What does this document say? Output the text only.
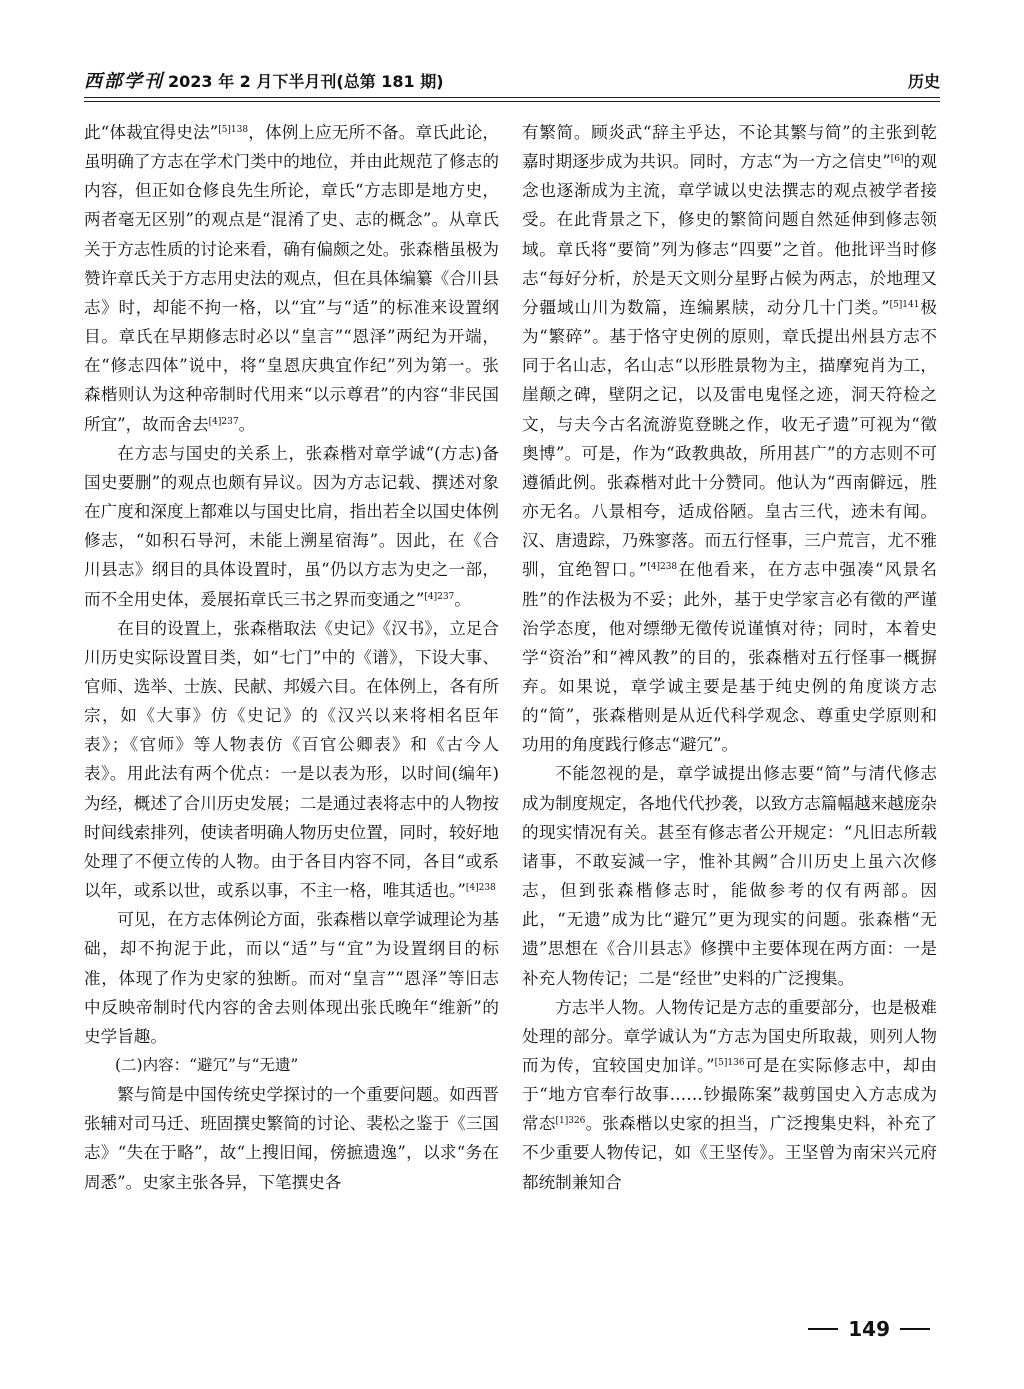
西部学刊 2023 年 2 月下半月刊(总第 181 期)	历史

此“体裁宜得史法”$^{[5]138}$，体例上应无所不备。章氏此论，虽明确了方志在学术门类中的地位，并由此规范了修志的内容，但正如仓修良先生所论，章氏“方志即是地方史，两者毫无区别”的观点是“混淆了史、志的概念”。从章氏关于方志性质的讨论来看，确有偏颇之处。张森楷虽极为赞许章氏关于方志用史法的观点，但在具体编纂《合川县志》时，却能不拘一格，以“宜”与“适”的标准来设置纲目。章氏在早期修志时必以“皇言”“恩泽”两纪为开端，在“修志四体”说中，将“皇恩庆典宜作纪”列为第一。张森楷则认为这种帝制时代用来“以示尊君”的内容“非民国所宜”，故而舍去$^{[4]237}$。

在方志与国史的关系上，张森楷对章学诚“(方志)备国史要删”的观点也颇有异议。因为方志记载、撰述对象在广度和深度上都难以与国史比肩，指出若全以国史体例修志，“如积石导河，未能上溯星宿海”。因此，在《合川县志》纲目的具体设置时，虽“仍以方志为史之一部，而不全用史体，爰展拓章氏三书之界而变通之”$^{[4]237}$。

在目的设置上，张森楷取法《史记》《汉书》，立足合川历史实际设置目类，如“七门”中的《谱》，下设大事、官师、选举、士族、民献、邦媛六目。在体例上，各有所宗，如《大事》仿《史记》的《汉兴以来将相名臣年表》；《官师》等人物表仿《百官公卿表》和《古今人表》。用此法有两个优点：一是以表为形，以时间(编年)为经，概述了合川历史发展；二是通过表将志中的人物按时间线索排列，使读者明确人物历史位置，同时，较好地处理了不便立传的人物。由于各目内容不同，各目“或系以年，或系以世，或系以事，不主一格，唯其适也。”$^{[4]238}$

可见，在方志体例论方面，张森楷以章学诚理论为基础，却不拘泥于此，而以“适”与“宜”为设置纲目的标准，体现了作为史家的独断。而对“皇言”“恩泽”等旧志中反映帝制时代内容的舍去则体现出张氏晚年“维新”的史学旨趣。

(二)内容：“避冗”与“无遗”

繁与简是中国传统史学探讨的一个重要问题。如西晋张辅对司马迁、班固撰史繁简的讨论、裴松之鉴于《三国志》“失在于略”，故“上搜旧闻，傍摭遗逸”，以求“务在周悉”。史家主张各异，下笔撰史各

有繁简。顾炎武“辞主乎达，不论其繁与简”的主张到乾嘉时期逐步成为共识。同时，方志“为一方之信史”[6]的观念也逐渐成为主流，章学诚以史法撰志的观点被学者接受。在此背景之下，修史的繁简问题自然延伸到修志领域。章氏将“要简”列为修志“四要”之首。他批评当时修志“每好分析，於是天文则分星野占候为两志，於地理又分疆域山川为数篇，连编累牍，动分几十门类。”$^{[5]141}$极为“繁碎”。基于恪守史例的原则，章氏提出州县方志不同于名山志，名山志“以形胜景物为主，描摩宛肖为工，崖颠之碑，壁阴之记，以及雷电鬼怪之迹，洞天符检之文，与夫今古名流游览登眺之作，收无孑遗”可视为“徵奥博”。可是，作为“政教典故，所用甚广”的方志则不可遵循此例。张森楷对此十分赞同。他认为“西南僻远，胜亦无名。八景相夸，适成俗陋。皇古三代，迹未有闻。汉、唐遗踪，乃殊寥落。而五行怪事，三户荒言，尤不雅驯，宜绝智口。”$^{[4]238}$在他看来，在方志中强凑“风景名胜”的作法极为不妥；此外，基于史学家言必有徵的严谨治学态度，他对缥缈无徵传说谨慎对待；同时，本着史学“资治”和“裨风教”的目的，张森楷对五行怪事一概摒弃。如果说，章学诚主要是基于纯史例的角度谈方志的“简”，张森楷则是从近代科学观念、尊重史学原则和功用的角度践行修志“避冗”。

不能忽视的是，章学诚提出修志要“简”与清代修志成为制度规定，各地代代抄袭，以致方志篇幅越来越庞杂的现实情况有关。甚至有修志者公开规定：“凡旧志所载诸事，不敢妄減一字，惟补其阙”合川历史上虽六次修志，但到张森楷修志时，能做参考的仅有两部。因此，“无遗”成为比“避冗”更为现实的问题。张森楷“无遗”思想在《合川县志》修撰中主要体现在两方面：一是补充人物传记；二是“经世”史料的广泛搜集。

方志半人物。人物传记是方志的重要部分，也是极难处理的部分。章学诚认为“方志为国史所取裁，则列人物而为传，宜较国史加详。”$^{[5]136}$可是在实际修志中，却由于“地方官奉行故事……钞撮陈案”裁剪国史入方志成为常态$^{[1]326}$。张森楷以史家的担当，广泛搜集史料，补充了不少重要人物传记，如《王坚传》。王坚曾为南宋兴元府都统制兼知合

149
